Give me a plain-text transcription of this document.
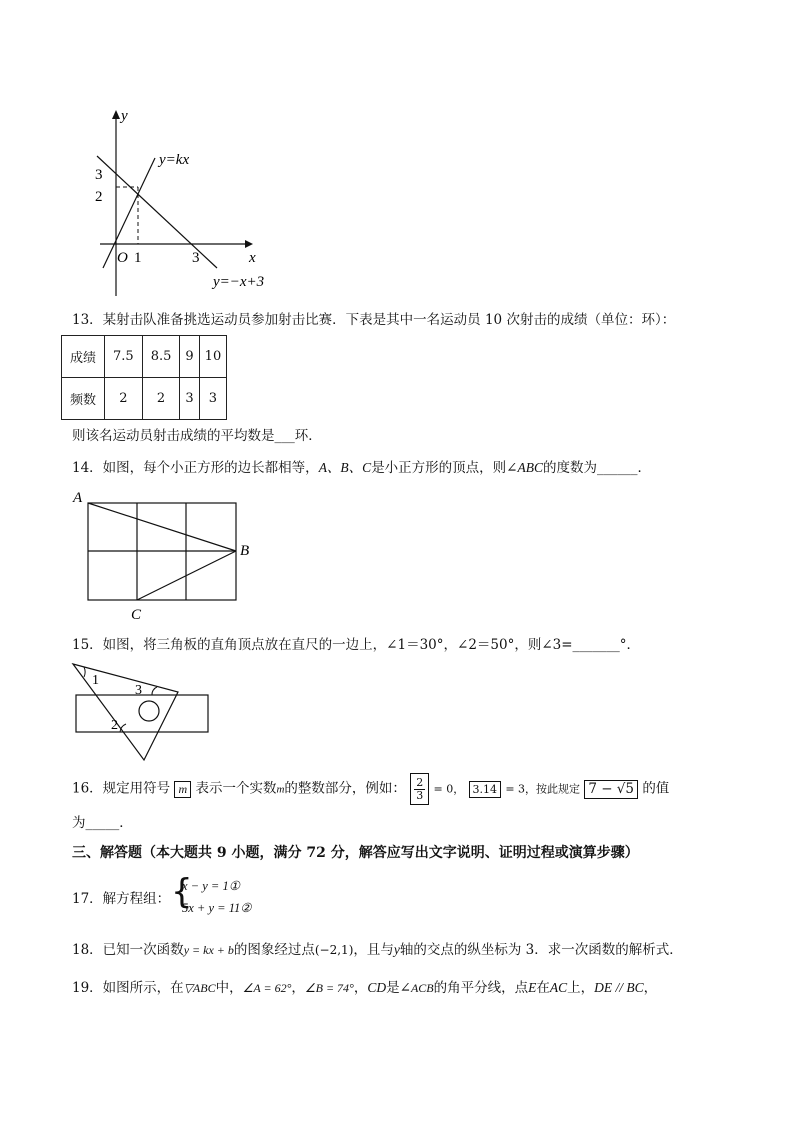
y
x
O
3
2
1	3
y=kx
y=−x+3
13．某射击队准备挑选运动员参加射击比赛．下表是其中一名运动员 10 次射击的成绩（单位：环）：
成绩	7.5	8.5	9	10
频数	2	2	3	3
则该名运动员射击成绩的平均数是___环．
14．如图，每个小正方形的边长都相等，A、B、C是小正方形的顶点，则∠ABC的度数为______．
A
B
C
15．如图，将三角板的直角顶点放在直尺的一边上，∠1＝30°，∠2＝50°，则∠3=_______°．
1
2
3
16．规定用符号 m 表示一个实数m的整数部分，例如： $\frac{2}{3} = 0$， 3.14 = 3，按此规定 7 − √5 的值
为_____．
三、解答题（本大题共 9 小题，满分 72 分，解答应写出文字说明、证明过程或演算步骤）
17．解方程组： {
x − y = 1①
5x + y = 11②
18．已知一次函数y = kx + b的图象经过点(−2,1)，且与y轴的交点的纵坐标为 3．求一次函数的解析式．
19．如图所示，在▽ABC中，∠A = 62°，∠B = 74°，CD是∠ACB的角平分线，点E在AC上，DE // BC，
